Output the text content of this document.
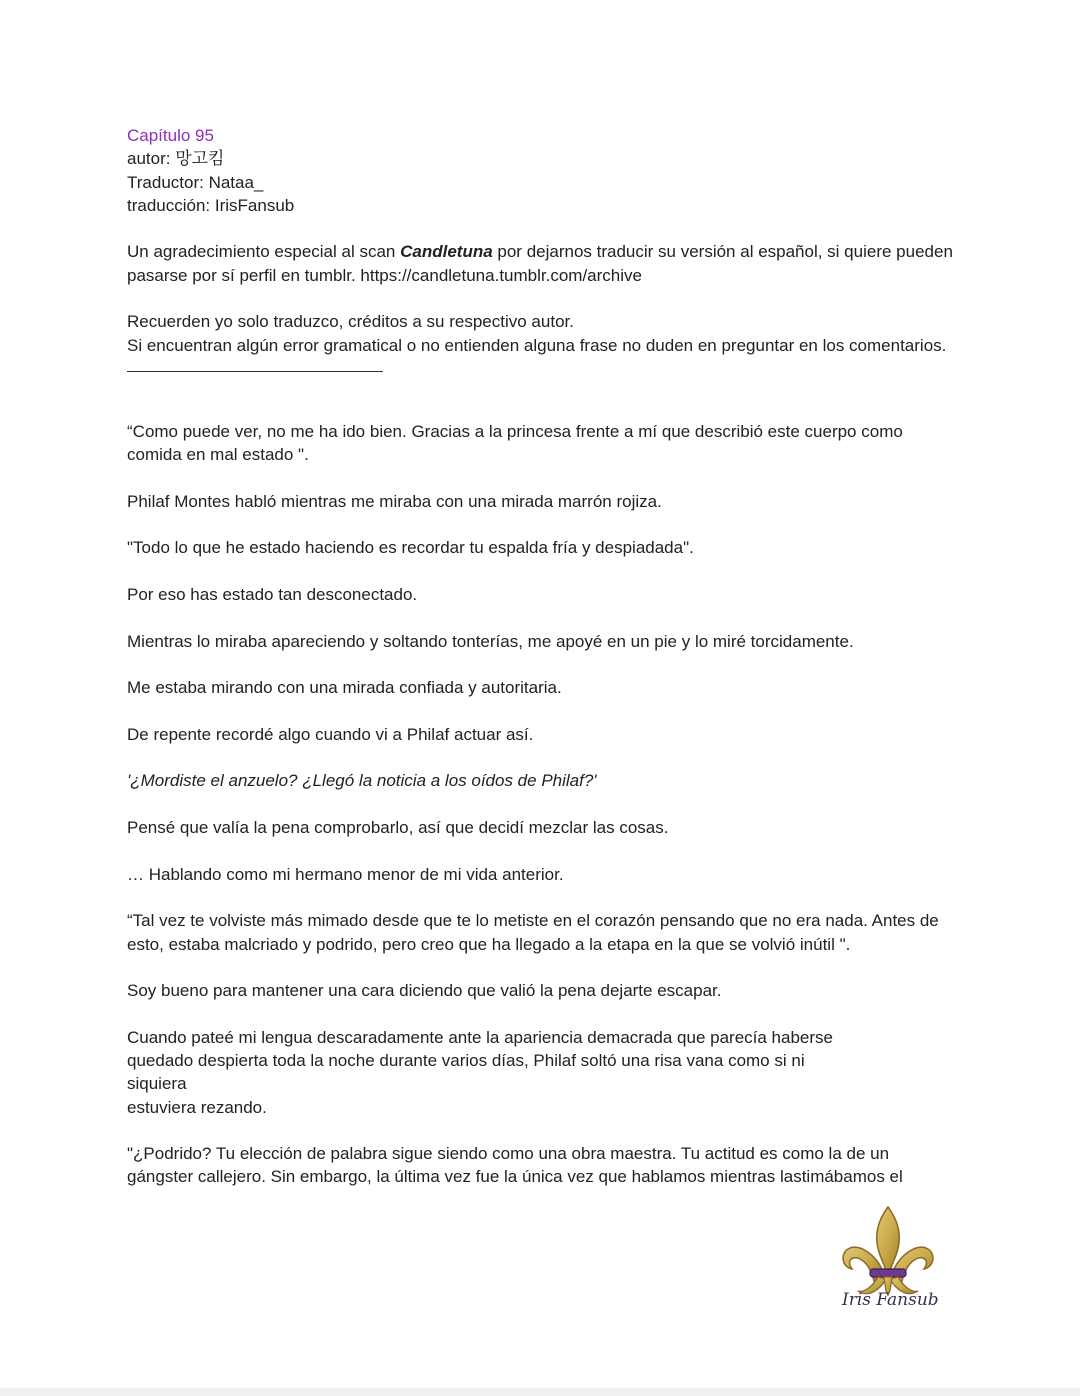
Capítulo 95

autor: 망고킴

Traductor: Nataa_

traducción: IrisFansub

Un agradecimiento especial al scan Candletuna por dejarnos traducir su versión al español, si quiere pueden pasarse por sí perfil en tumblr. https://candletuna.tumblr.com/archive

Recuerden yo solo traduzco, créditos a su respectivo autor.

Si encuentran algún error gramatical o no entienden alguna frase no duden en preguntar en los comentarios.

“Como puede ver, no me ha ido bien. Gracias a la princesa frente a mí que describió este cuerpo como comida en mal estado ".

Philaf Montes habló mientras me miraba con una mirada marrón rojiza.

"Todo lo que he estado haciendo es recordar tu espalda fría y despiadada".

Por eso has estado tan desconectado.

Mientras lo miraba apareciendo y soltando tonterías, me apoyé en un pie y lo miré torcidamente.

Me estaba mirando con una mirada confiada y autoritaria.

De repente recordé algo cuando vi a Philaf actuar así.

'¿Mordiste el anzuelo? ¿Llegó la noticia a los oídos de Philaf?'

Pensé que valía la pena comprobarlo, así que decidí mezclar las cosas.

… Hablando como mi hermano menor de mi vida anterior.

“Tal vez te volviste más mimado desde que te lo metiste en el corazón pensando que no era nada. Antes de esto, estaba malcriado y podrido, pero creo que ha llegado a la etapa en la que se volvió inútil ".

Soy bueno para mantener una cara diciendo que valió la pena dejarte escapar.

Cuando pateé mi lengua descaradamente ante la apariencia demacrada que parecía haberse quedado despierta toda la noche durante varios días, Philaf soltó una risa vana como si ni siquiera

estuviera rezando.

"¿Podrido? Tu elección de palabra sigue siendo como una obra maestra. Tu actitud es como la de un gángster callejero. Sin embargo, la última vez fue la única vez que hablamos mientras lastimábamos el

Iris Fansub
